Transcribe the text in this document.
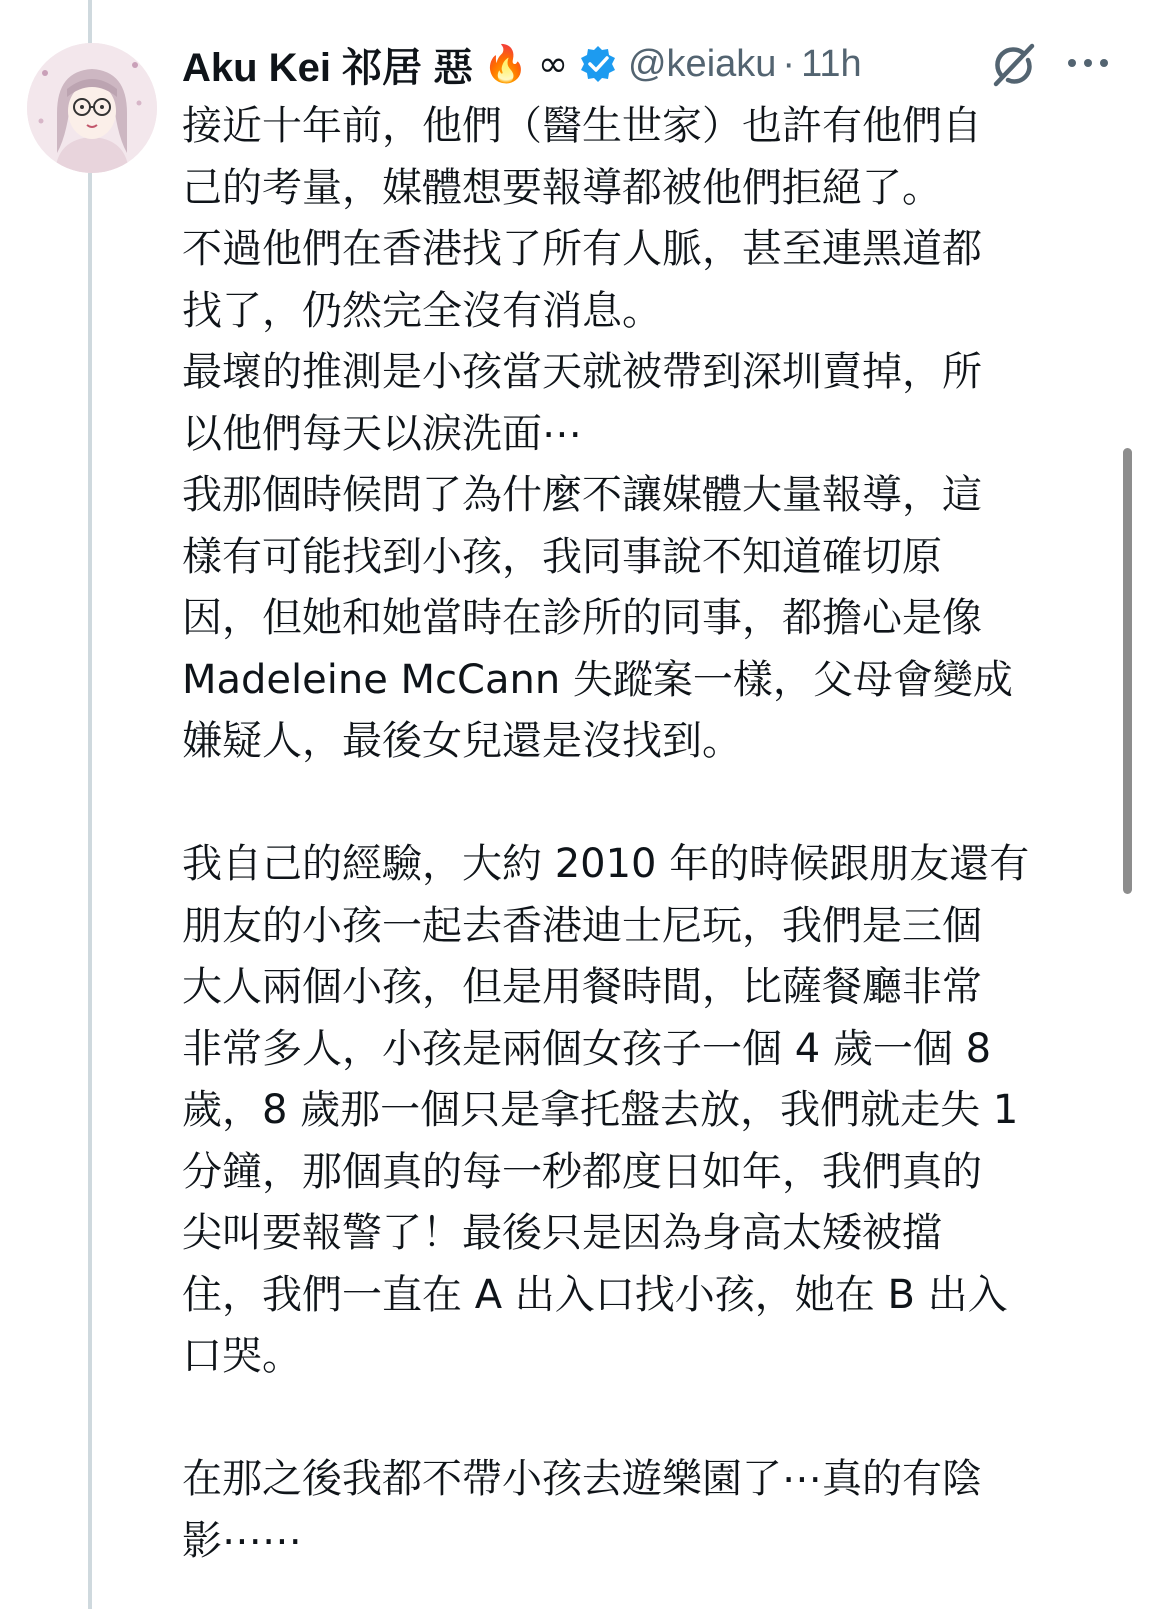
Aku Kei 祁居 惡 🔥 ∞ @keiaku · 11h

接近十年前，他們（醫生世家）也許有他們自

己的考量，媒體想要報導都被他們拒絕了。

不過他們在香港找了所有人脈，甚至連黑道都

找了，仍然完全沒有消息。

最壞的推測是小孩當天就被帶到深圳賣掉，所

以他們每天以淚洗面⋯

我那個時候問了為什麼不讓媒體大量報導，這

樣有可能找到小孩，我同事說不知道確切原

因，但她和她當時在診所的同事，都擔心是像

Madeleine McCann 失蹤案一樣，父母會變成

嫌疑人，最後女兒還是沒找到。

我自己的經驗，大約 2010 年的時候跟朋友還有

朋友的小孩一起去香港迪士尼玩，我們是三個

大人兩個小孩，但是用餐時間，比薩餐廳非常

非常多人，小孩是兩個女孩子一個 4 歲一個 8

歲，8 歲那一個只是拿托盤去放，我們就走失 1

分鐘，那個真的每一秒都度日如年，我們真的

尖叫要報警了！最後只是因為身高太矮被擋

住，我們一直在 A 出入口找小孩，她在 B 出入

口哭。

在那之後我都不帶小孩去遊樂園了⋯真的有陰

影⋯⋯
